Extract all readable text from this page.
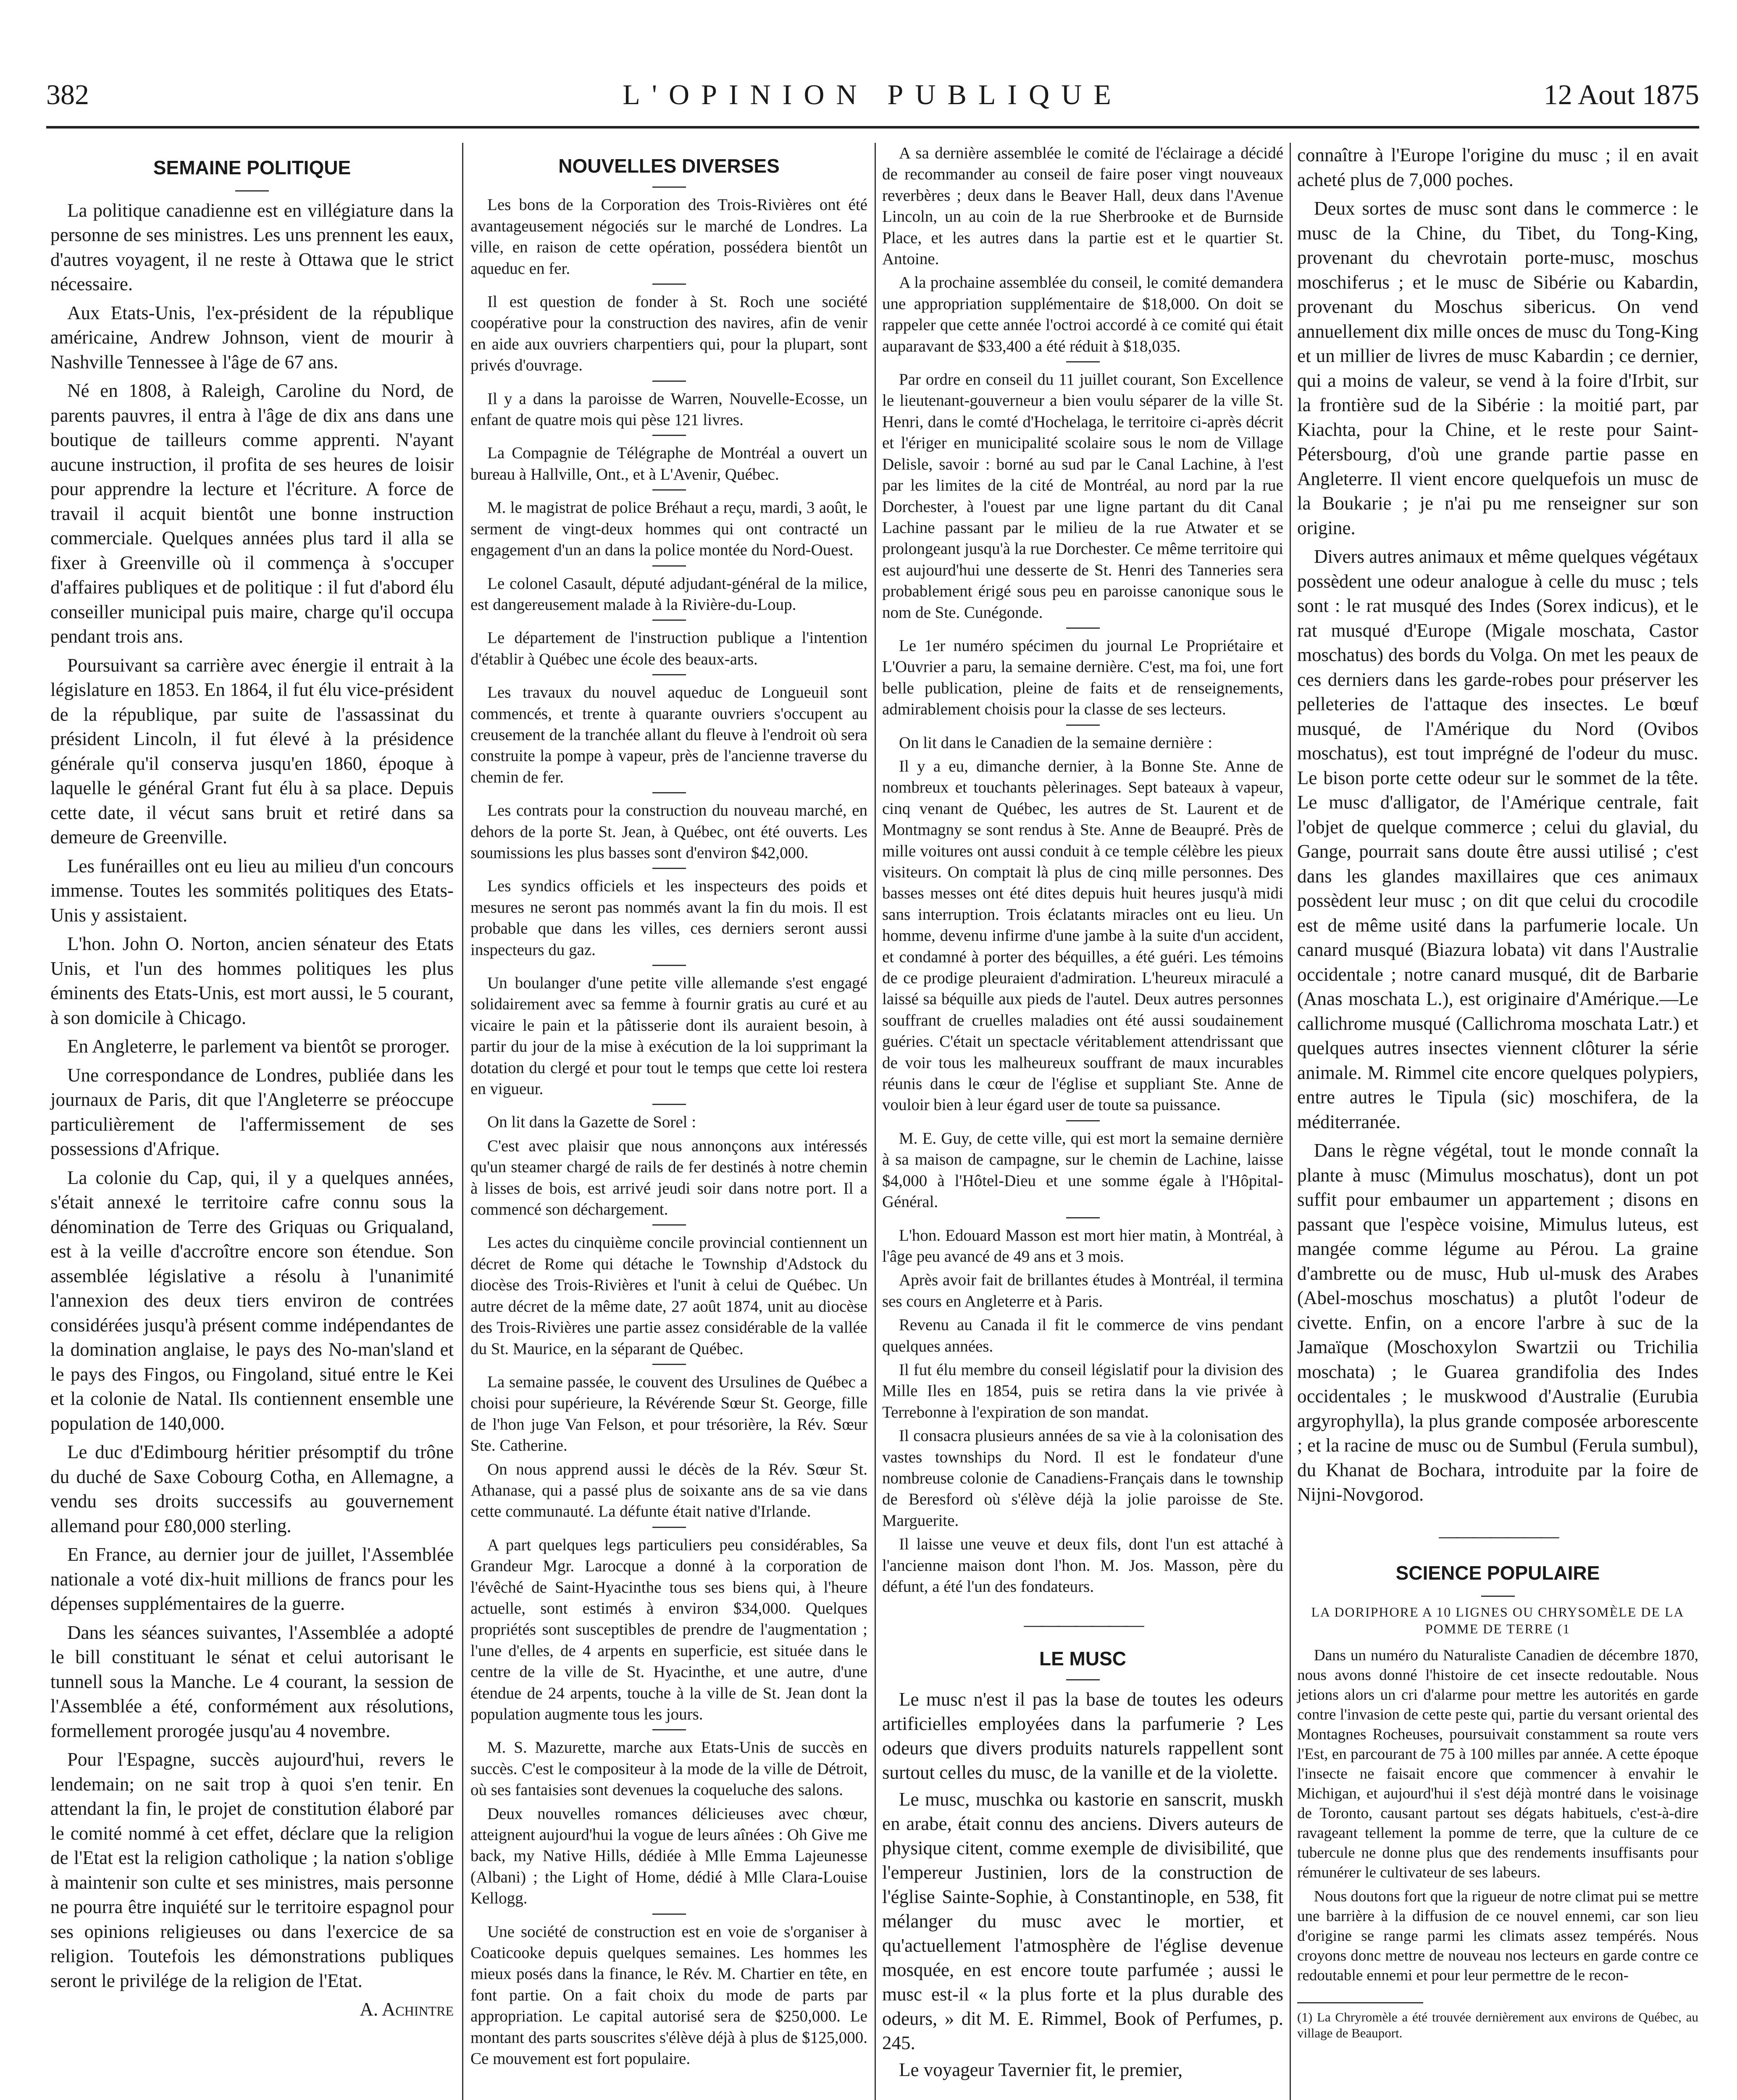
382	L'OPINION PUBLIQUE	12 Aout 1875
SEMAINE POLITIQUE

La politique canadienne est en villégiature dans la personne de ses ministres. Les uns prennent les eaux, d'autres voyagent, il ne reste à Ottawa que le strict nécessaire.

Aux Etats-Unis, l'ex-président de la république américaine, Andrew Johnson, vient de mourir à Nashville Tennessee à l'âge de 67 ans.

Né en 1808, à Raleigh, Caroline du Nord, de parents pauvres, il entra à l'âge de dix ans dans une boutique de tailleurs comme apprenti. N'ayant aucune instruction, il profita de ses heures de loisir pour apprendre la lecture et l'écriture. A force de travail il acquit bientôt une bonne instruction commerciale. Quelques années plus tard il alla se fixer à Greenville où il commença à s'occuper d'affaires publiques et de politique : il fut d'abord élu conseiller municipal puis maire, charge qu'il occupa pendant trois ans.

Poursuivant sa carrière avec énergie il entrait à la législature en 1853. En 1864, il fut élu vice-président de la république, par suite de l'assassinat du président Lincoln, il fut élevé à la présidence générale qu'il conserva jusqu'en 1860, époque à laquelle le général Grant fut élu à sa place. Depuis cette date, il vécut sans bruit et retiré dans sa demeure de Greenville.

Les funérailles ont eu lieu au milieu d'un concours immense. Toutes les sommités politiques des Etats-Unis y assistaient.

L'hon. John O. Norton, ancien sénateur des Etats Unis, et l'un des hommes politiques les plus éminents des Etats-Unis, est mort aussi, le 5 courant, à son domicile à Chicago.

En Angleterre, le parlement va bientôt se proroger.

Une correspondance de Londres, publiée dans les journaux de Paris, dit que l'Angleterre se préoccupe particulièrement de l'affermissement de ses possessions d'Afrique.

La colonie du Cap, qui, il y a quelques années, s'était annexé le territoire cafre connu sous la dénomination de Terre des Griquas ou Griqualand, est à la veille d'accroître encore son étendue. Son assemblée législative a résolu à l'unanimité l'annexion des deux tiers environ de contrées considérées jusqu'à présent comme indépendantes de la domination anglaise, le pays des No-man'sland et le pays des Fingos, ou Fingoland, situé entre le Kei et la colonie de Natal. Ils contiennent ensemble une population de 140,000.

Le duc d'Edimbourg héritier présomptif du trône du duché de Saxe Cobourg Cotha, en Allemagne, a vendu ses droits successifs au gouvernement allemand pour £80,000 sterling.

En France, au dernier jour de juillet, l'Assemblée nationale a voté dix-huit millions de francs pour les dépenses supplémentaires de la guerre.

Dans les séances suivantes, l'Assemblée a adopté le bill constituant le sénat et celui autorisant le tunnell sous la Manche. Le 4 courant, la session de l'Assemblée a été, conformément aux résolutions, formellement prorogée jusqu'au 4 novembre.

Pour l'Espagne, succès aujourd'hui, revers le lendemain; on ne sait trop à quoi s'en tenir. En attendant la fin, le projet de constitution élaboré par le comité nommé à cet effet, déclare que la religion de l'Etat est la religion catholique ; la nation s'oblige à maintenir son culte et ses ministres, mais personne ne pourra être inquiété sur le territoire espagnol pour ses opinions religieuses ou dans l'exercice de sa religion. Toutefois les démonstrations publiques seront le privilége de la religion de l'Etat.

A. Achintre
NOUVELLES DIVERSES

Les bons de la Corporation des Trois-Rivières ont été avantageusement négociés sur le marché de Londres. La ville, en raison de cette opération, possédera bientôt un aqueduc en fer.

Il est question de fonder à St. Roch une société coopérative pour la construction des navires, afin de venir en aide aux ouvriers charpentiers qui, pour la plupart, sont privés d'ouvrage.

Il y a dans la paroisse de Warren, Nouvelle-Ecosse, un enfant de quatre mois qui pèse 121 livres.

La Compagnie de Télégraphe de Montréal a ouvert un bureau à Hallville, Ont., et à L'Avenir, Québec.

M. le magistrat de police Bréhaut a reçu, mardi, 3 août, le serment de vingt-deux hommes qui ont contracté un engagement d'un an dans la police montée du Nord-Ouest.

Le colonel Casault, député adjudant-général de la milice, est dangereusement malade à la Rivière-du-Loup.

Le département de l'instruction publique a l'intention d'établir à Québec une école des beaux-arts.

Les travaux du nouvel aqueduc de Longueuil sont commencés, et trente à quarante ouvriers s'occupent au creusement de la tranchée allant du fleuve à l'endroit où sera construite la pompe à vapeur, près de l'ancienne traverse du chemin de fer.

Les contrats pour la construction du nouveau marché, en dehors de la porte St. Jean, à Québec, ont été ouverts. Les soumissions les plus basses sont d'environ $42,000.

Les syndics officiels et les inspecteurs des poids et mesures ne seront pas nommés avant la fin du mois. Il est probable que dans les villes, ces derniers seront aussi inspecteurs du gaz.

Un boulanger d'une petite ville allemande s'est engagé solidairement avec sa femme à fournir gratis au curé et au vicaire le pain et la pâtisserie dont ils auraient besoin, à partir du jour de la mise à exécution de la loi supprimant la dotation du clergé et pour tout le temps que cette loi restera en vigueur.

On lit dans la Gazette de Sorel :

C'est avec plaisir que nous annonçons aux intéressés qu'un steamer chargé de rails de fer destinés à notre chemin à lisses de bois, est arrivé jeudi soir dans notre port. Il a commencé son déchargement.

Les actes du cinquième concile provincial contiennent un décret de Rome qui détache le Township d'Adstock du diocèse des Trois-Rivières et l'unit à celui de Québec. Un autre décret de la même date, 27 août 1874, unit au diocèse des Trois-Rivières une partie assez considérable de la vallée du St. Maurice, en la séparant de Québec.

La semaine passée, le couvent des Ursulines de Québec a choisi pour supérieure, la Révérende Sœur St. George, fille de l'hon juge Van Felson, et pour trésorière, la Rév. Sœur Ste. Catherine.

On nous apprend aussi le décès de la Rév. Sœur St. Athanase, qui a passé plus de soixante ans de sa vie dans cette communauté. La défunte était native d'Irlande.

A part quelques legs particuliers peu considérables, Sa Grandeur Mgr. Larocque a donné à la corporation de l'évêché de Saint-Hyacinthe tous ses biens qui, à l'heure actuelle, sont estimés à environ $34,000. Quelques propriétés sont susceptibles de prendre de l'augmentation ; l'une d'elles, de 4 arpents en superficie, est située dans le centre de la ville de St. Hyacinthe, et une autre, d'une étendue de 24 arpents, touche à la ville de St. Jean dont la population augmente tous les jours.

M. S. Mazurette, marche aux Etats-Unis de succès en succès. C'est le compositeur à la mode de la ville de Détroit, où ses fantaisies sont devenues la coqueluche des salons.

Deux nouvelles romances délicieuses avec chœur, atteignent aujourd'hui la vogue de leurs aînées : Oh Give me back, my Native Hills, dédiée à Mlle Emma Lajeunesse (Albani) ; the Light of Home, dédié à Mlle Clara-Louise Kellogg.

Une société de construction est en voie de s'organiser à Coaticooke depuis quelques semaines. Les hommes les mieux posés dans la finance, le Rév. M. Chartier en tête, en font partie. On a fait choix du mode de parts par appropriation. Le capital autorisé sera de $250,000. Le montant des parts souscrites s'élève déjà à plus de $125,000. Ce mouvement est fort populaire.

A sa dernière assemblée le comité de l'éclairage a décidé de recommander au conseil de faire poser vingt nouveaux reverbères ; deux dans le Beaver Hall, deux dans l'Avenue Lincoln, un au coin de la rue Sherbrooke et de Burnside Place, et les autres dans la partie est et le quartier St. Antoine.

A la prochaine assemblée du conseil, le comité demandera une appropriation supplémentaire de $18,000. On doit se rappeler que cette année l'octroi accordé à ce comité qui était auparavant de $33,400 a été réduit à $18,035.

Par ordre en conseil du 11 juillet courant, Son Excellence le lieutenant-gouverneur a bien voulu séparer de la ville St. Henri, dans le comté d'Hochelaga, le territoire ci-après décrit et l'ériger en municipalité scolaire sous le nom de Village Delisle, savoir : borné au sud par le Canal Lachine, à l'est par les limites de la cité de Montréal, au nord par la rue Dorchester, à l'ouest par une ligne partant du dit Canal Lachine passant par le milieu de la rue Atwater et se prolongeant jusqu'à la rue Dorchester. Ce même territoire qui est aujourd'hui une desserte de St. Henri des Tanneries sera probablement érigé sous peu en paroisse canonique sous le nom de Ste. Cunégonde.

Le 1er numéro spécimen du journal Le Propriétaire et L'Ouvrier a paru, la semaine dernière. C'est, ma foi, une fort belle publication, pleine de faits et de renseignements, admirablement choisis pour la classe de ses lecteurs.

On lit dans le Canadien de la semaine dernière :

Il y a eu, dimanche dernier, à la Bonne Ste. Anne de nombreux et touchants pèlerinages. Sept bateaux à vapeur, cinq venant de Québec, les autres de St. Laurent et de Montmagny se sont rendus à Ste. Anne de Beaupré. Près de mille voitures ont aussi conduit à ce temple célèbre les pieux visiteurs. On comptait là plus de cinq mille personnes. Des basses messes ont été dites depuis huit heures jusqu'à midi sans interruption. Trois éclatants miracles ont eu lieu. Un homme, devenu infirme d'une jambe à la suite d'un accident, et condamné à porter des béquilles, a été guéri. Les témoins de ce prodige pleuraient d'admiration. L'heureux miraculé a laissé sa béquille aux pieds de l'autel. Deux autres personnes souffrant de cruelles maladies ont été aussi soudainement guéries. C'était un spectacle véritablement attendrissant que de voir tous les malheureux souffrant de maux incurables réunis dans le cœur de l'église et suppliant Ste. Anne de vouloir bien à leur égard user de toute sa puissance.

M. E. Guy, de cette ville, qui est mort la semaine dernière à sa maison de campagne, sur le chemin de Lachine, laisse $4,000 à l'Hôtel-Dieu et une somme égale à l'Hôpital-Général.

L'hon. Edouard Masson est mort hier matin, à Montréal, à l'âge peu avancé de 49 ans et 3 mois.

Après avoir fait de brillantes études à Montréal, il termina ses cours en Angleterre et à Paris.

Revenu au Canada il fit le commerce de vins pendant quelques années.

Il fut élu membre du conseil législatif pour la division des Mille Iles en 1854, puis se retira dans la vie privée à Terrebonne à l'expiration de son mandat.

Il consacra plusieurs années de sa vie à la colonisation des vastes townships du Nord. Il est le fondateur d'une nombreuse colonie de Canadiens-Français dans le township de Beresford où s'élève déjà la jolie paroisse de Ste. Marguerite.

Il laisse une veuve et deux fils, dont l'un est attaché à l'ancienne maison dont l'hon. M. Jos. Masson, père du défunt, a été l'un des fondateurs.

———————
LE MUSC

Le musc n'est il pas la base de toutes les odeurs artificielles employées dans la parfumerie ? Les odeurs que divers produits naturels rappellent sont surtout celles du musc, de la vanille et de la violette.

Le musc, muschka ou kastorie en sanscrit, muskh en arabe, était connu des anciens. Divers auteurs de physique citent, comme exemple de divisibilité, que l'empereur Justinien, lors de la construction de l'église Sainte-Sophie, à Constantinople, en 538, fit mélanger du musc avec le mortier, et qu'actuellement l'atmosphère de l'église devenue mosquée, en est encore toute parfumée ; aussi le musc est-il « la plus forte et la plus durable des odeurs, » dit M. E. Rimmel, Book of Perfumes, p. 245.

Le voyageur Tavernier fit, le premier,

connaître à l'Europe l'origine du musc ; il en avait acheté plus de 7,000 poches.

Deux sortes de musc sont dans le commerce : le musc de la Chine, du Tibet, du Tong-King, provenant du chevrotain porte-musc, moschus moschiferus ; et le musc de Sibérie ou Kabardin, provenant du Moschus sibericus. On vend annuellement dix mille onces de musc du Tong-King et un millier de livres de musc Kabardin ; ce dernier, qui a moins de valeur, se vend à la foire d'Irbit, sur la frontière sud de la Sibérie : la moitié part, par Kiachta, pour la Chine, et le reste pour Saint-Pétersbourg, d'où une grande partie passe en Angleterre. Il vient encore quelquefois un musc de la Boukarie ; je n'ai pu me renseigner sur son origine.

Divers autres animaux et même quelques végétaux possèdent une odeur analogue à celle du musc ; tels sont : le rat musqué des Indes (Sorex indicus), et le rat musqué d'Europe (Migale moschata, Castor moschatus) des bords du Volga. On met les peaux de ces derniers dans les garde-robes pour préserver les pelleteries de l'attaque des insectes. Le bœuf musqué, de l'Amérique du Nord (Ovibos moschatus), est tout imprégné de l'odeur du musc. Le bison porte cette odeur sur le sommet de la tête. Le musc d'alligator, de l'Amérique centrale, fait l'objet de quelque commerce ; celui du glavial, du Gange, pourrait sans doute être aussi utilisé ; c'est dans les glandes maxillaires que ces animaux possèdent leur musc ; on dit que celui du crocodile est de même usité dans la parfumerie locale. Un canard musqué (Biazura lobata) vit dans l'Australie occidentale ; notre canard musqué, dit de Barbarie (Anas moschata L.), est originaire d'Amérique.—Le callichrome musqué (Callichroma moschata Latr.) et quelques autres insectes viennent clôturer la série animale. M. Rimmel cite encore quelques polypiers, entre autres le Tipula (sic) moschifera, de la méditerranée.

Dans le règne végétal, tout le monde connaît la plante à musc (Mimulus moschatus), dont un pot suffit pour embaumer un appartement ; disons en passant que l'espèce voisine, Mimulus luteus, est mangée comme légume au Pérou. La graine d'ambrette ou de musc, Hub ul-musk des Arabes (Abel-moschus moschatus) a plutôt l'odeur de civette. Enfin, on a encore l'arbre à suc de la Jamaïque (Moschoxylon Swartzii ou Trichilia moschata) ; le Guarea grandifolia des Indes occidentales ; le muskwood d'Australie (Eurubia argyrophylla), la plus grande composée arborescente ; et la racine de musc ou de Sumbul (Ferula sumbul), du Khanat de Bochara, introduite par la foire de Nijni-Novgorod.

———————
SCIENCE POPULAIRE
LA DORIPHORE A 10 LIGNES OU CHRYSOMÈLE DE LA POMME DE TERRE (1

Dans un numéro du Naturaliste Canadien de décembre 1870, nous avons donné l'histoire de cet insecte redoutable. Nous jetions alors un cri d'alarme pour mettre les autorités en garde contre l'invasion de cette peste qui, partie du versant oriental des Montagnes Rocheuses, poursuivait constamment sa route vers l'Est, en parcourant de 75 à 100 milles par année. A cette époque l'insecte ne faisait encore que commencer à envahir le Michigan, et aujourd'hui il s'est déjà montré dans le voisinage de Toronto, causant partout ses dégats habituels, c'est-à-dire ravageant tellement la pomme de terre, que la culture de ce tubercule ne donne plus que des rendements insuffisants pour rémunérer le cultivateur de ses labeurs.

Nous doutons fort que la rigueur de notre climat pui se mettre une barrière à la diffusion de ce nouvel ennemi, car son lieu d'origine se range parmi les climats assez tempérés. Nous croyons donc mettre de nouveau nos lecteurs en garde contre ce redoutable ennemi et pour leur permettre de le recon-

(1) La Chryromèle a été trouvée dernièrement aux environs de Québec, au village de Beauport.
